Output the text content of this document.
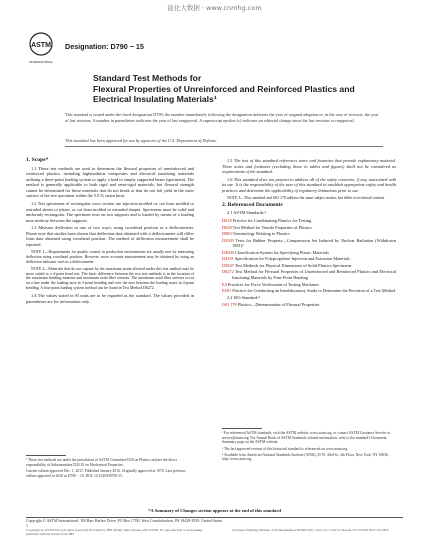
能化大数据 · www.cnmhg.com
ASTM
INTERNATIONAL
Designation: D790 − 15
Standard Test Methods for
Flexural Properties of Unreinforced and Reinforced Plastics and Electrical Insulating Materials¹
This standard is issued under the fixed designation D790; the number immediately following the designation indicates the year of original adoption or, in the case of revision, the year of last revision. A number in parentheses indicates the year of last reapproval. A superscript epsilon (ε) indicates an editorial change since the last revision or reapproval.
This standard has been approved for use by agencies of the U.S. Department of Defense.
1. Scope*

1.1 These test methods are used to determine the flexural properties of unreinforced and reinforced plastics, including highmodulus composites and electrical insulating materials utilizing a three-point loading system to apply a load to simply supported beam (specimen). The method is generally applicable to both rigid and semi-rigid materials, but flexural strength cannot be determined for those materials that do not break or that do not fail yield in the outer surface of the test specimen within the 5.0 % strain limit.

1.2 Test specimens of rectangular cross section are injection molded or, cut from molded or extruded sheets or plates, or cut from molded or extruded shapes. Specimens must be solid and uniformly rectangular. The specimen rests on two supports and is loaded by means of a loading nose midway between the supports.

1.3 Measure deflection in one of two ways; using crosshead position or a deflectometer. Please note that studies have shown that deflection data obtained with a deflectometer will differ from data obtained using crosshead position. The method of deflection measurement shall be reported.

NOTE 1—Requirements for quality control in production environments are usually met by measuring deflection using crosshead position. However, more accurate measurement may be obtained by using an deflection indicator such as a deflectometer.

NOTE 2—Materials that do not rupture by the maximum strain allowed under this test method may be more suited to a 4-point bend test. The basic difference between the two test methods is in the location of the maximum bending moment and maximum axial fiber stresses. The maximum axial fiber stresses occur on a line under the loading nose in 3-point bending and over the area between the loading noses in 4-point bending. A four-point loading system method can be found in Test Method D6272.

1.4 The values stated in SI units are to be regarded as the standard. The values provided in parentheses are for information only.

1.5 The text of this standard references notes and footnotes that provide explanatory material. These notes and footnotes (excluding those in tables and figures) shall not be considered as requirements of the standard.

1.6 This standard does not purport to address all of the safety concerns, if any, associated with its use. It is the responsibility of the user of this standard to establish appropriate safety and health practices and determine the applicability of regulatory limitations prior to use.

NOTE 3—This standard and ISO 178 address the same subject matter, but differ in technical content.

2. Referenced Documents

2.1 ASTM Standards:²

D618 Practice for Conditioning Plastics for Testing
D638 Test Method for Tensile Properties of Plastics
D883 Terminology Relating to Plastics
D2309 Tests for Rubber Property—Compression Set Induced by Nuclear Radiation (Withdrawn 1981)³
D4000 Classification System for Specifying Plastic Materials
D4101 Specification for Polypropylene Injection and Extrusion Materials
D5947 Test Methods for Physical Dimensions of Solid Plastics Specimens
D6272 Test Method for Flexural Properties of Unreinforced and Reinforced Plastics and Electrical Insulating Materials by Four-Point Bending
E4 Practices for Force Verification of Testing Machines
E691 Practice for Conducting an Interlaboratory Study to Determine the Precision of a Test Method

2.2 ISO Standard:⁴

ISO 178 Plastics—Determination of Flexural Properties

¹ These test methods are under the jurisdiction of ASTM Committee D20 on Plastics and are the direct responsibility of Subcommittee D20.10 on Mechanical Properties.

Current edition approved Dec. 1, 2015. Published January 2016. Originally approved in 1970. Last previous edition approved in 2010 as D790 − 10. DOI: 10.1520/D0790-15.

² For referenced ASTM standards, visit the ASTM website, www.astm.org, or contact ASTM Customer Service at service@astm.org. For Annual Book of ASTM Standards volume information, refer to the standard's Document Summary page on the ASTM website.

³ The last approved version of this historical standard is referenced on www.astm.org.

⁴ Available from American National Standards Institute (ANSI), 25 W. 43rd St., 4th Floor, New York, NY 10036, http://www.ansi.org.

*A Summary of Changes section appears at the end of this standard
Copyright © ASTM International, 100 Barr Harbor Drive, PO Box C700, West Conshohocken, PA 19428-2959. United States
1
Copyright by ASTM Int'l (all rights reserved); Provided by IHS Markit under license with ASTM. No reproduction or networking permitted without license from IHS
Licensee=Zhejiang Institute of Standardization/5059671001, User=xx, x Not for Resale, 01/15/2016 00:31:34 MST
